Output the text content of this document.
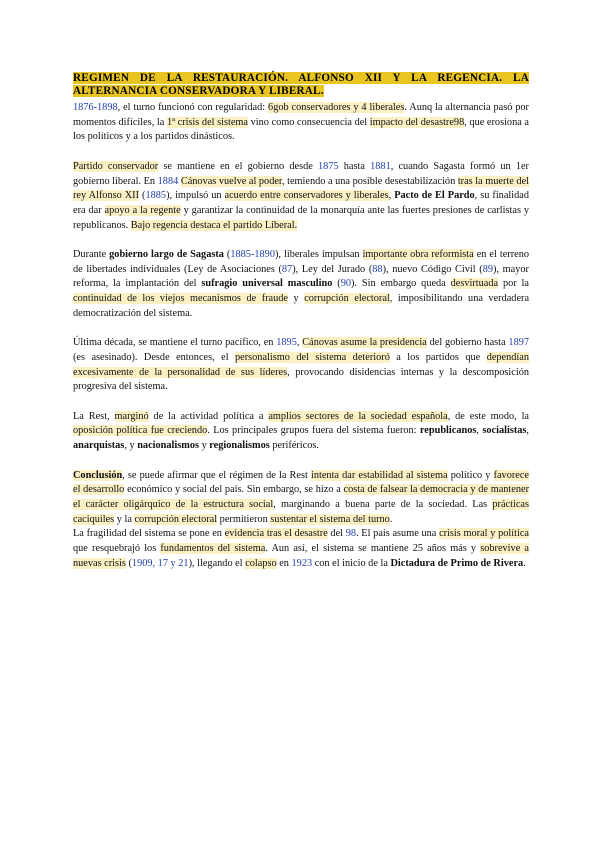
REGIMEN DE LA RESTAURACIÓN. ALFONSO XII Y LA REGENCIA. LA ALTERNANCIA CONSERVADORA Y LIBERAL.

1876-1898, el turno funcionó con regularidad: 6gob conservadores y 4 liberales. Aunq la alternancia pasó por momentos difíciles, la 1ª crisis del sistema vino como consecuencia del impacto del desastre98, que erosiona a los políticos y a los partidos dinásticos.

Partido conservador se mantiene en el gobierno desde 1875 hasta 1881, cuando Sagasta formó un 1er gobierno liberal. En 1884 Cánovas vuelve al poder, temiendo a una posible desestabilización tras la muerte del rey Alfonso XII (1885), impulsó un acuerdo entre conservadores y liberales, Pacto de El Pardo, su finalidad era dar apoyo a la regente y garantizar la continuidad de la monarquía ante las fuertes presiones de carlistas y republicanos. Bajo regencia destaca el partido Liberal.

Durante gobierno largo de Sagasta (1885-1890), liberales impulsan importante obra reformista en el terreno de libertades individuales (Ley de Asociaciones (87), Ley del Jurado (88), nuevo Código Civil (89), mayor reforma, la implantación del sufragio universal masculino (90). Sin embargo queda desvirtuada por la continuidad de los viejos mecanismos de fraude y corrupción electoral, imposibilitando una verdadera democratización del sistema.

Última década, se mantiene el turno pacífico, en 1895, Cánovas asume la presidencia del gobierno hasta 1897 (es asesinado). Desde entonces, el personalismo del sistema deterioró a los partidos que dependían excesivamente de la personalidad de sus líderes, provocando disidencias internas y la descomposición progresiva del sistema.

La Rest, marginó de la actividad política a amplios sectores de la sociedad española, de este modo, la oposición política fue creciendo. Los principales grupos fuera del sistema fueron: republicanos, socialistas, anarquistas, y nacionalismos y regionalismos periféricos.

Conclusión, se puede afirmar que el régimen de la Rest intenta dar estabilidad al sistema político y favorece el desarrollo económico y social del país. Sin embargo, se hizo a costa de falsear la democracia y de mantener el carácter oligárquico de la estructura social, marginando a buena parte de la sociedad. Las prácticas caciquiles y la corrupción electoral permitieron sustentar el sistema del turno.

La fragilidad del sistema se pone en evidencia tras el desastre del 98. El país asume una crisis moral y política que resquebrajó los fundamentos del sistema. Aun así, el sistema se mantiene 25 años más y sobrevive a nuevas crisis (1909, 17 y 21), llegando el colapso en 1923 con el inicio de la Dictadura de Primo de Rivera.
